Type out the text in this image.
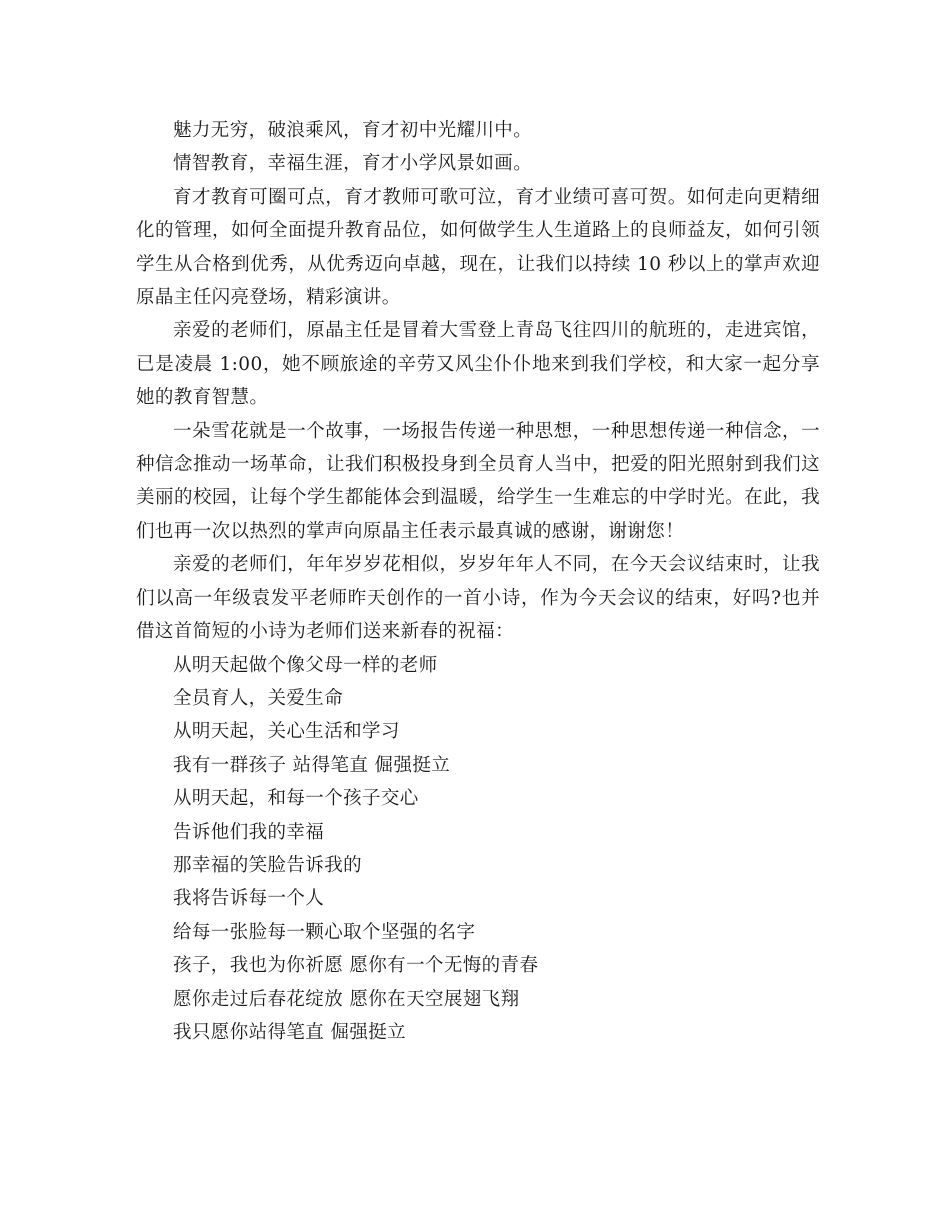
魅力无穷，破浪乘风，育才初中光耀川中。

情智教育，幸福生涯，育才小学风景如画。

育才教育可圈可点，育才教师可歌可泣，育才业绩可喜可贺。如何走向更精细化的管理，如何全面提升教育品位，如何做学生人生道路上的良师益友，如何引领学生从合格到优秀，从优秀迈向卓越，现在，让我们以持续 10 秒以上的掌声欢迎原晶主任闪亮登场，精彩演讲。

亲爱的老师们，原晶主任是冒着大雪登上青岛飞往四川的航班的，走进宾馆，已是凌晨 1:00，她不顾旅途的辛劳又风尘仆仆地来到我们学校，和大家一起分享她的教育智慧。

一朵雪花就是一个故事，一场报告传递一种思想，一种思想传递一种信念，一种信念推动一场革命，让我们积极投身到全员育人当中，把爱的阳光照射到我们这美丽的校园，让每个学生都能体会到温暖，给学生一生难忘的中学时光。在此，我们也再一次以热烈的掌声向原晶主任表示最真诚的感谢，谢谢您！

亲爱的老师们，年年岁岁花相似，岁岁年年人不同，在今天会议结束时，让我们以高一年级袁发平老师昨天创作的一首小诗，作为今天会议的结束，好吗?也并借这首简短的小诗为老师们送来新春的祝福：

从明天起做个像父母一样的老师
全员育人，关爱生命
从明天起，关心生活和学习
我有一群孩子 站得笔直 倔强挺立
从明天起，和每一个孩子交心
告诉他们我的幸福
那幸福的笑脸告诉我的
我将告诉每一个人
给每一张脸每一颗心取个坚强的名字
孩子，我也为你祈愿 愿你有一个无悔的青春
愿你走过后春花绽放 愿你在天空展翅飞翔
我只愿你站得笔直 倔强挺立
